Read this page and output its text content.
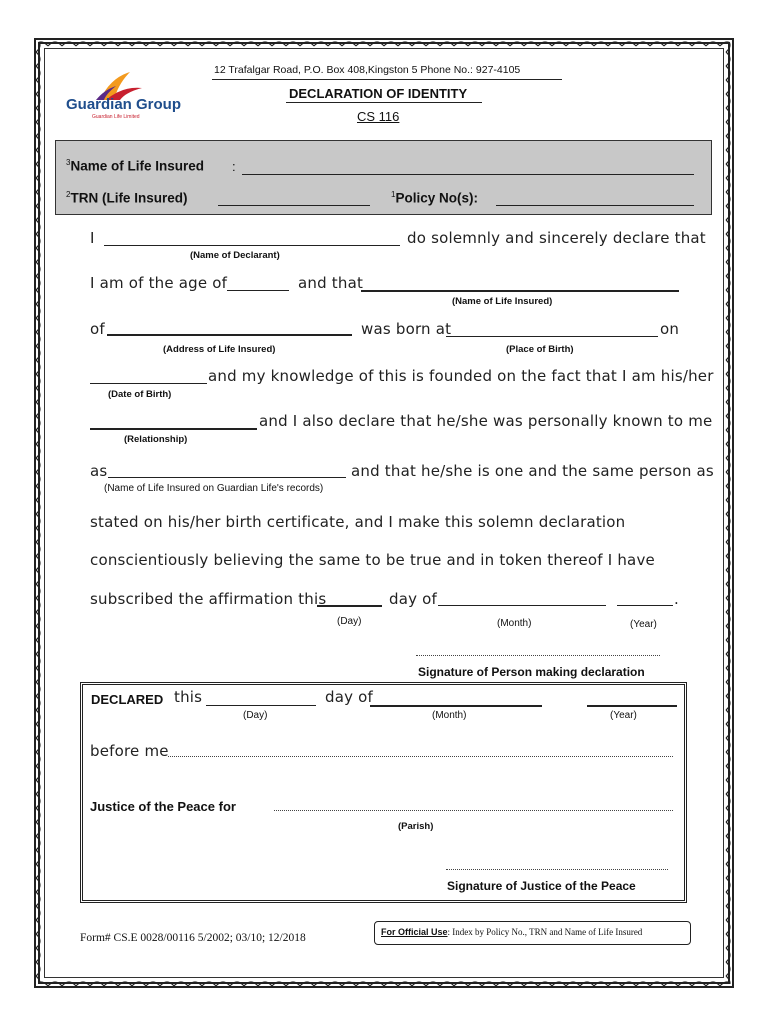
Guardian Group
Guardian Life Limited
12 Trafalgar Road, P.O. Box 408,Kingston 5 Phone No.: 927-4105
DECLARATION OF IDENTITY
CS 116
$^3$Name of Life Insured :
$^2$TRN (Life Insured)	$^1$Policy No(s):
I	do solemnly and sincerely declare that
(Name of Declarant)
I am of the age of	and that
(Name of Life Insured)
of	was born at	on
(Address of Life Insured)	(Place of Birth)
and my knowledge of this is founded on the fact that I am his/her
(Date of Birth)
and I also declare that he/she was personally known to me
(Relationship)
as	and that he/she is one and the same person as
(Name of Life Insured on Guardian Life's records)
stated on his/her birth certificate, and I make this solemn declaration
conscientiously believing the same to be true and in token thereof I have
subscribed the affirmation this	day of	.
(Day)	(Month)	(Year)
Signature of Person making declaration
DECLARED this	day of
(Day)	(Month)	(Year)
before me
Justice of the Peace for
(Parish)
Signature of Justice of the Peace
Form# CS.E 0028/00116 5/2002; 03/10; 12/2018	For Official Use: Index by Policy No., TRN and Name of Life Insured
